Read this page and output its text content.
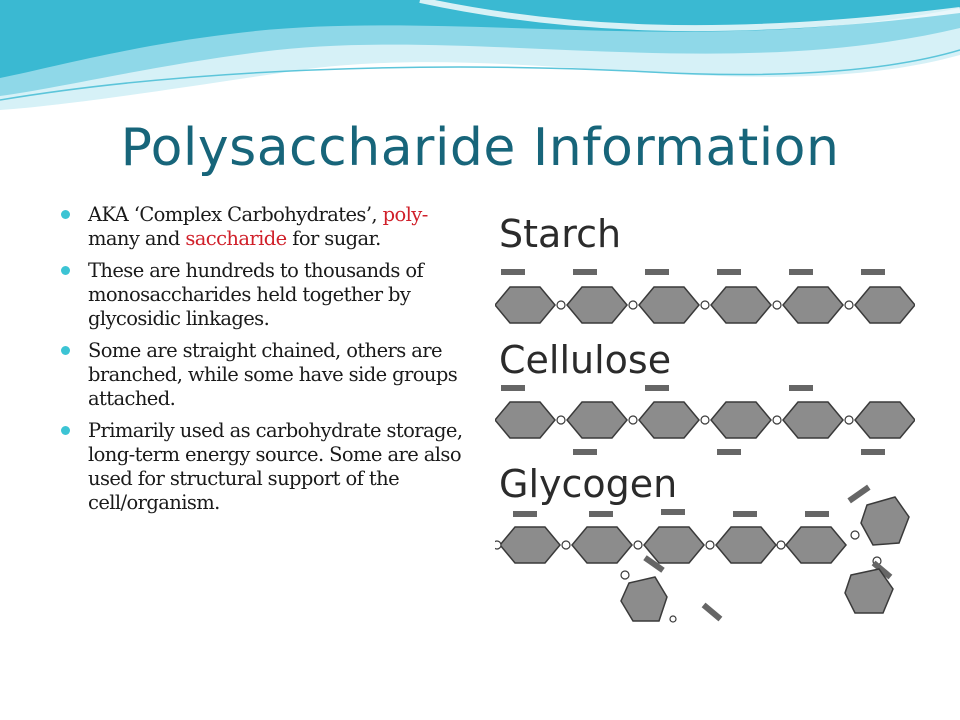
Polysaccharide Information
AKA ‘Complex Carbohydrates’, poly- many and saccharide for sugar.
These are hundreds to thousands of monosaccharides held together by glycosidic linkages.
Some are straight chained, others are branched, while some have side groups attached.
Primarily used as carbohydrate storage, long-term energy source. Some are also used for structural support of the cell/organism.
Starch
Cellulose
Glycogen
